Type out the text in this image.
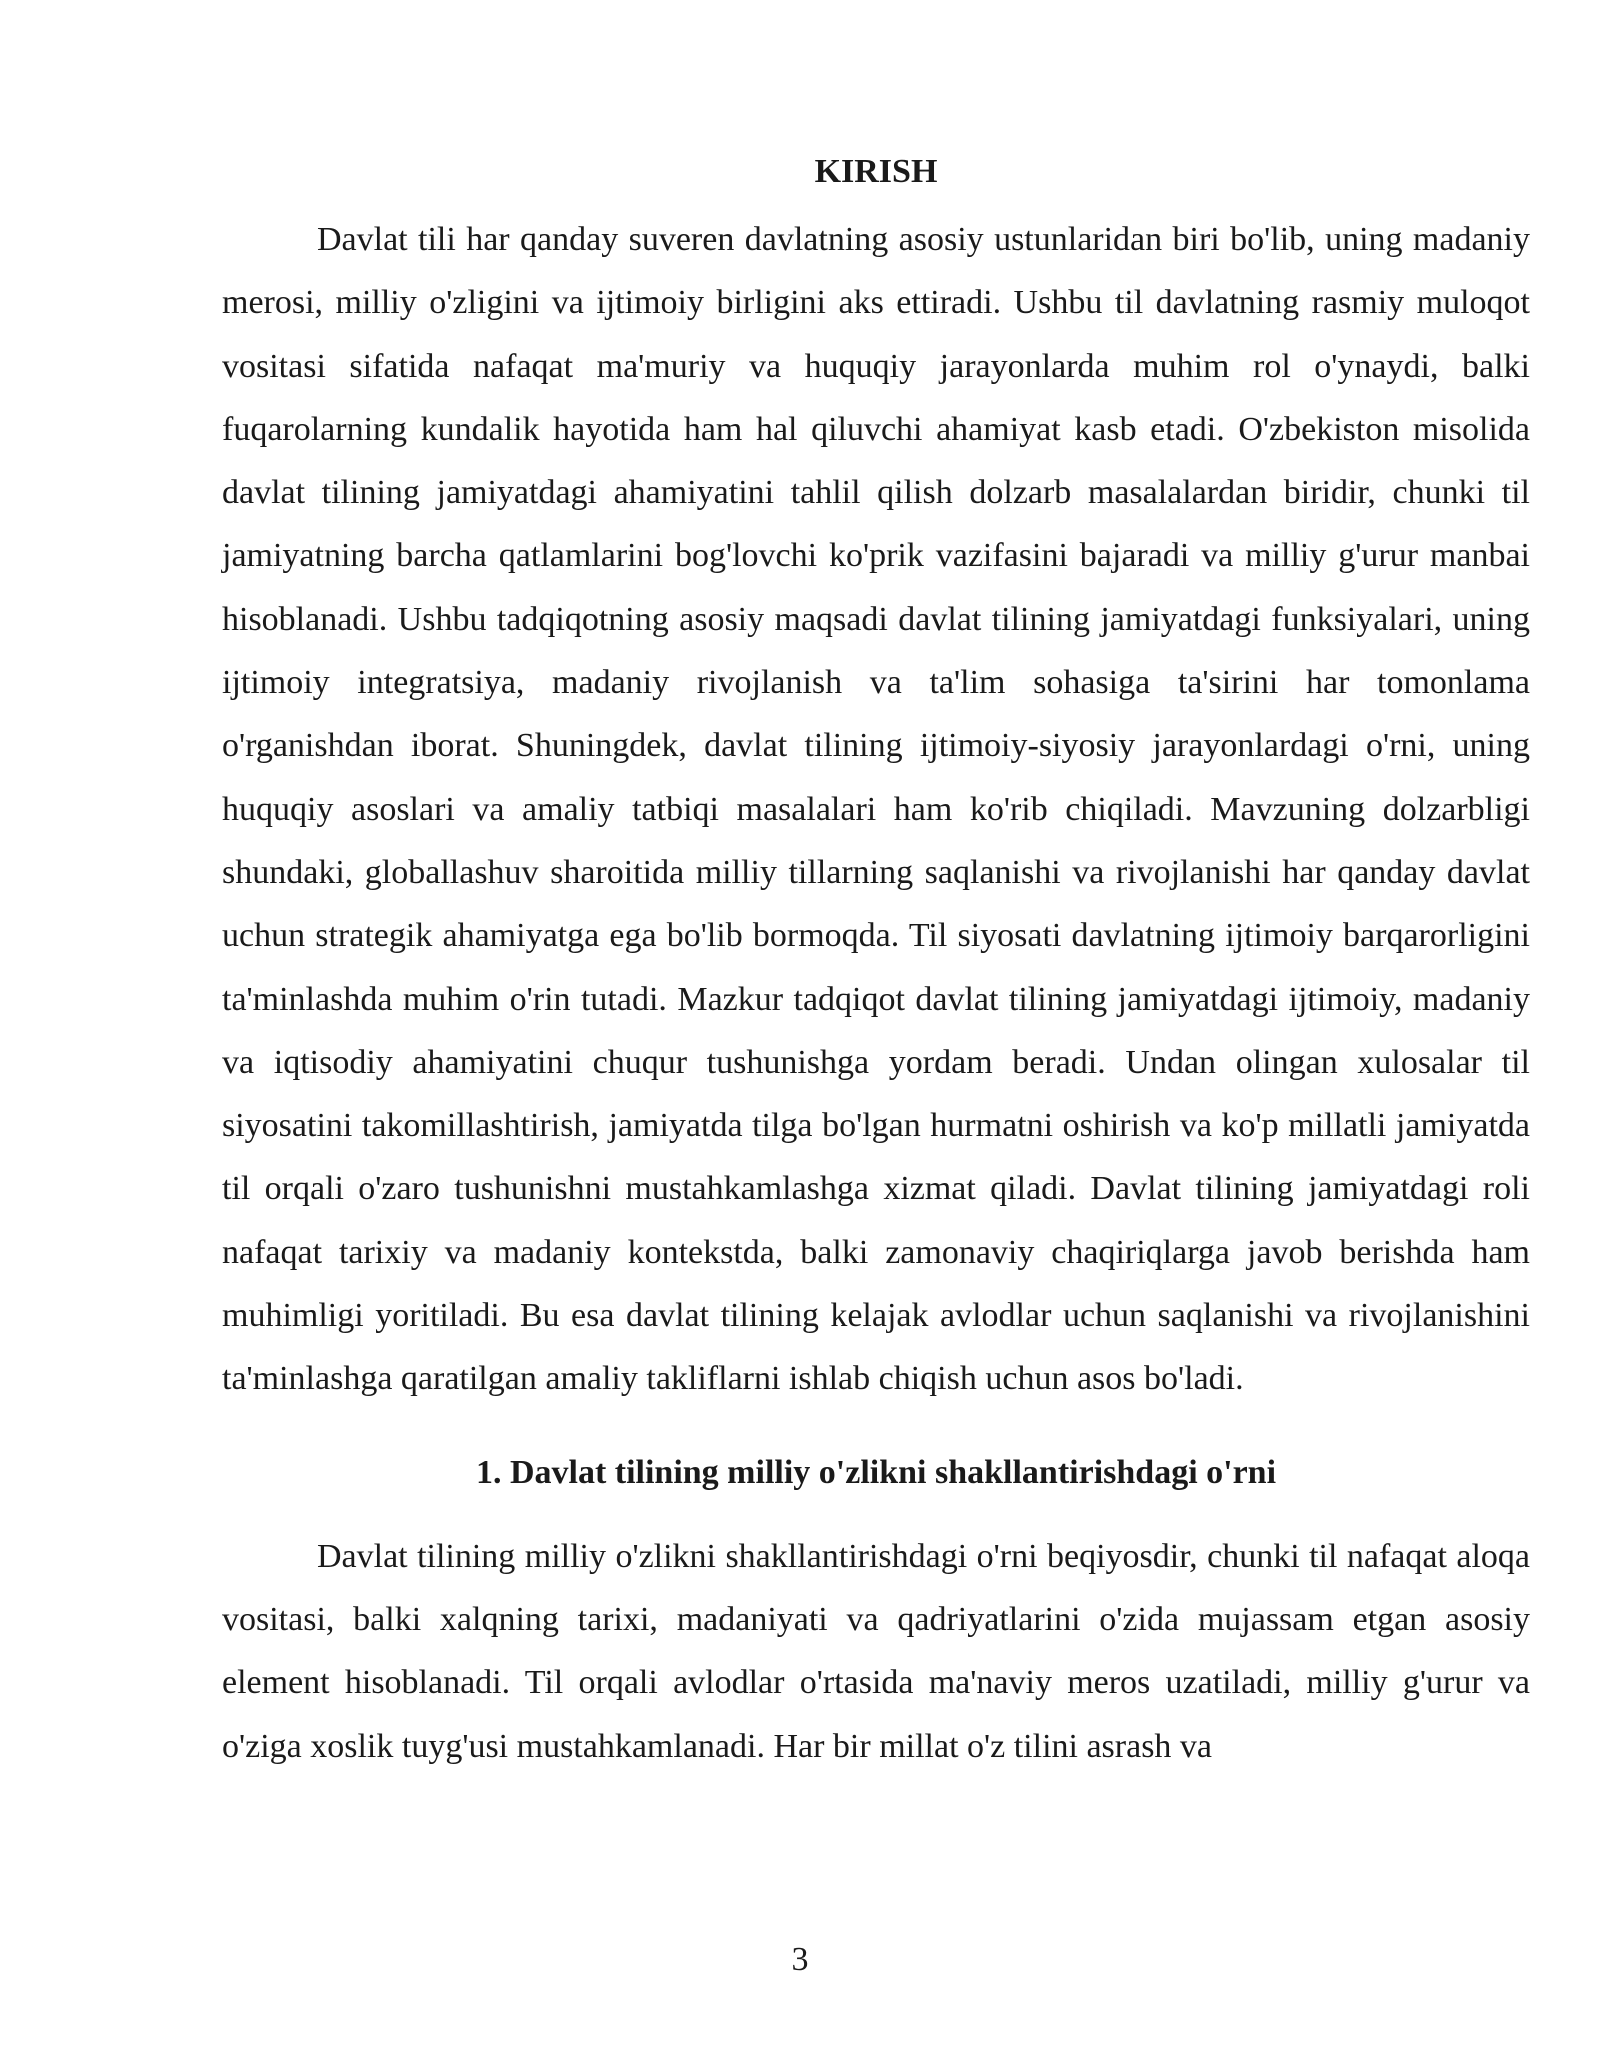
KIRISH

Davlat tili har qanday suveren davlatning asosiy ustunlaridan biri bo'lib, uning madaniy merosi, milliy o'zligini va ijtimoiy birligini aks ettiradi. Ushbu til davlatning rasmiy muloqot vositasi sifatida nafaqat ma'muriy va huquqiy jarayonlarda muhim rol o'ynaydi, balki fuqarolarning kundalik hayotida ham hal qiluvchi ahamiyat kasb etadi. O'zbekiston misolida davlat tilining jamiyatdagi ahamiyatini tahlil qilish dolzarb masalalardan biridir, chunki til jamiyatning barcha qatlamlarini bog'lovchi ko'prik vazifasini bajaradi va milliy g'urur manbai hisoblanadi. Ushbu tadqiqotning asosiy maqsadi davlat tilining jamiyatdagi funksiyalari, uning ijtimoiy integratsiya, madaniy rivojlanish va ta'lim sohasiga ta'sirini har tomonlama o'rganishdan iborat. Shuningdek, davlat tilining ijtimoiy-siyosiy jarayonlardagi o'rni, uning huquqiy asoslari va amaliy tatbiqi masalalari ham ko'rib chiqiladi. Mavzuning dolzarbligi shundaki, globallashuv sharoitida milliy tillarning saqlanishi va rivojlanishi har qanday davlat uchun strategik ahamiyatga ega bo'lib bormoqda. Til siyosati davlatning ijtimoiy barqarorligini ta'minlashda muhim o'rin tutadi. Mazkur tadqiqot davlat tilining jamiyatdagi ijtimoiy, madaniy va iqtisodiy ahamiyatini chuqur tushunishga yordam beradi. Undan olingan xulosalar til siyosatini takomillashtirish, jamiyatda tilga bo'lgan hurmatni oshirish va ko'p millatli jamiyatda til orqali o'zaro tushunishni mustahkamlashga xizmat qiladi. Davlat tilining jamiyatdagi roli nafaqat tarixiy va madaniy kontekstda, balki zamonaviy chaqiriqlarga javob berishda ham muhimligi yoritiladi. Bu esa davlat tilining kelajak avlodlar uchun saqlanishi va rivojlanishini ta'minlashga qaratilgan amaliy takliflarni ishlab chiqish uchun asos bo'ladi.

1. Davlat tilining milliy o'zlikni shakllantirishdagi o'rni

Davlat tilining milliy o'zlikni shakllantirishdagi o'rni beqiyosdir, chunki til nafaqat aloqa vositasi, balki xalqning tarixi, madaniyati va qadriyatlarini o'zida mujassam etgan asosiy element hisoblanadi. Til orqali avlodlar o'rtasida ma'naviy meros uzatiladi, milliy g'urur va o'ziga xoslik tuyg'usi mustahkamlanadi. Har bir millat o'z tilini asrash va

3
